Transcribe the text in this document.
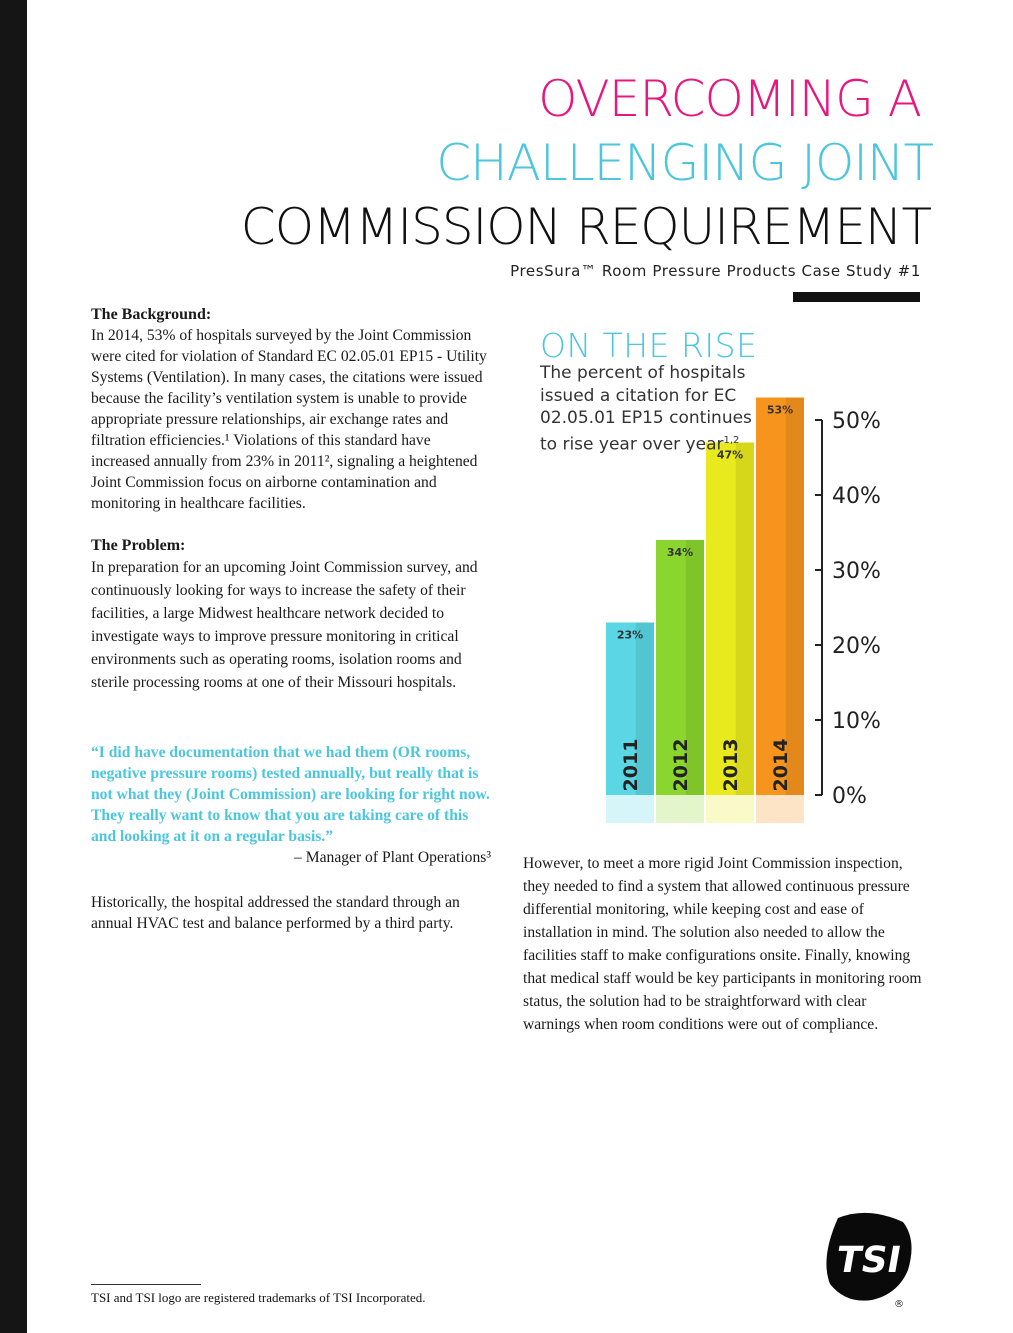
OVERCOMING A
CHALLENGING JOINT
COMMISSION REQUIREMENT
PresSura™ Room Pressure Products Case Study #1

The Background:

In 2014, 53% of hospitals surveyed by the Joint Commission were cited for violation of Standard EC 02.05.01 EP15 - Utility Systems (Ventilation). In many cases, the citations were issued because the facility’s ventilation system is unable to provide appropriate pressure relationships, air exchange rates and filtration efficiencies.¹ Violations of this standard have increased annually from 23% in 2011², signaling a heightened Joint Commission focus on airborne contamination and monitoring in healthcare facilities.

The Problem:

In preparation for an upcoming Joint Commission survey, and continuously looking for ways to increase the safety of their facilities, a large Midwest healthcare network decided to investigate ways to improve pressure monitoring in critical environments such as operating rooms, isolation rooms and sterile processing rooms at one of their Missouri hospitals.

“I did have documentation that we had them (OR rooms, negative pressure rooms) tested annually, but really that is not what they (Joint Commission) are looking for right now. They really want to know that you are taking care of this and looking at it on a regular basis.”

– Manager of Plant Operations³

Historically, the hospital addressed the standard through an annual HVAC test and balance performed by a third party.

23%
2011
34%
2012
47%
2013
53%
2014
0%
10%
20%
30%
40%
50%
ON THE RISE
The percent of hospitals issued a citation for EC 02.05.01 EP15 continues to rise year over year$^{1,2}$

However, to meet a more rigid Joint Commission inspection, they needed to find a system that allowed continuous pressure differential monitoring, while keeping cost and ease of installation in mind. The solution also needed to allow the facilities staff to make configurations onsite. Finally, knowing that medical staff would be key participants in monitoring room status, the solution had to be straightforward with clear warnings when room conditions were out of compliance.

TSI and TSI logo are registered trademarks of TSI Incorporated.
TSI
®
